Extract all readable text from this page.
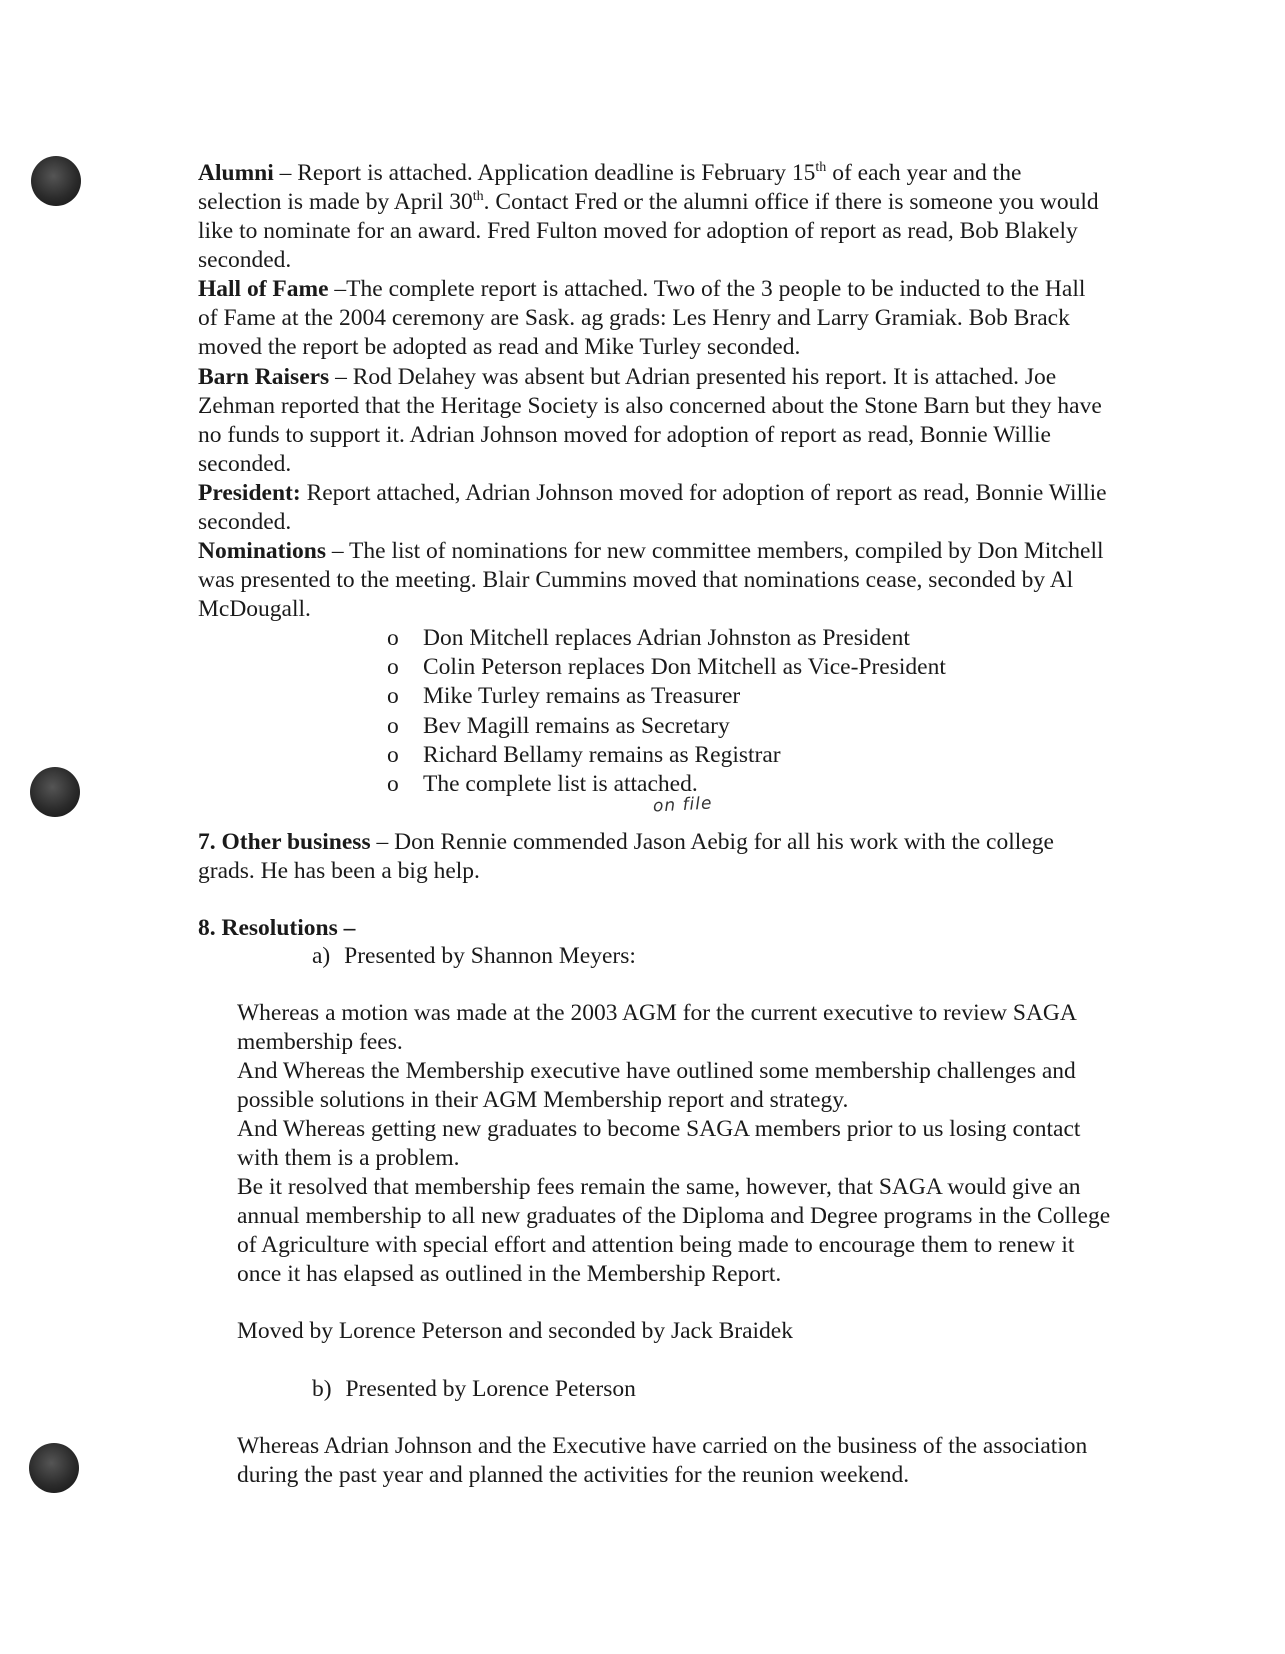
Alumni – Report is attached. Application deadline is February 15th of each year and the selection is made by April 30th. Contact Fred or the alumni office if there is someone you would like to nominate for an award. Fred Fulton moved for adoption of report as read, Bob Blakely seconded.

Hall of Fame –The complete report is attached. Two of the 3 people to be inducted to the Hall of Fame at the 2004 ceremony are Sask. ag grads: Les Henry and Larry Gramiak. Bob Brack moved the report be adopted as read and Mike Turley seconded.

Barn Raisers – Rod Delahey was absent but Adrian presented his report. It is attached. Joe Zehman reported that the Heritage Society is also concerned about the Stone Barn but they have no funds to support it. Adrian Johnson moved for adoption of report as read, Bonnie Willie seconded.

President: Report attached, Adrian Johnson moved for adoption of report as read, Bonnie Willie seconded.

Nominations – The list of nominations for new committee members, compiled by Don Mitchell was presented to the meeting. Blair Cummins moved that nominations cease, seconded by Al McDougall.

o Don Mitchell replaces Adrian Johnston as President
o Colin Peterson replaces Don Mitchell as Vice-President
o Mike Turley remains as Treasurer
o Bev Magill remains as Secretary
o Richard Bellamy remains as Registrar
o The complete list is attached.
on file

7. Other business – Don Rennie commended Jason Aebig for all his work with the college grads. He has been a big help.

8. Resolutions –

a) Presented by Shannon Meyers:

Whereas a motion was made at the 2003 AGM for the current executive to review SAGA membership fees.

And Whereas the Membership executive have outlined some membership challenges and possible solutions in their AGM Membership report and strategy.

And Whereas getting new graduates to become SAGA members prior to us losing contact with them is a problem.

Be it resolved that membership fees remain the same, however, that SAGA would give an annual membership to all new graduates of the Diploma and Degree programs in the College of Agriculture with special effort and attention being made to encourage them to renew it once it has elapsed as outlined in the Membership Report.

Moved by Lorence Peterson and seconded by Jack Braidek
b) Presented by Lorence Peterson

Whereas Adrian Johnson and the Executive have carried on the business of the association during the past year and planned the activities for the reunion weekend.
